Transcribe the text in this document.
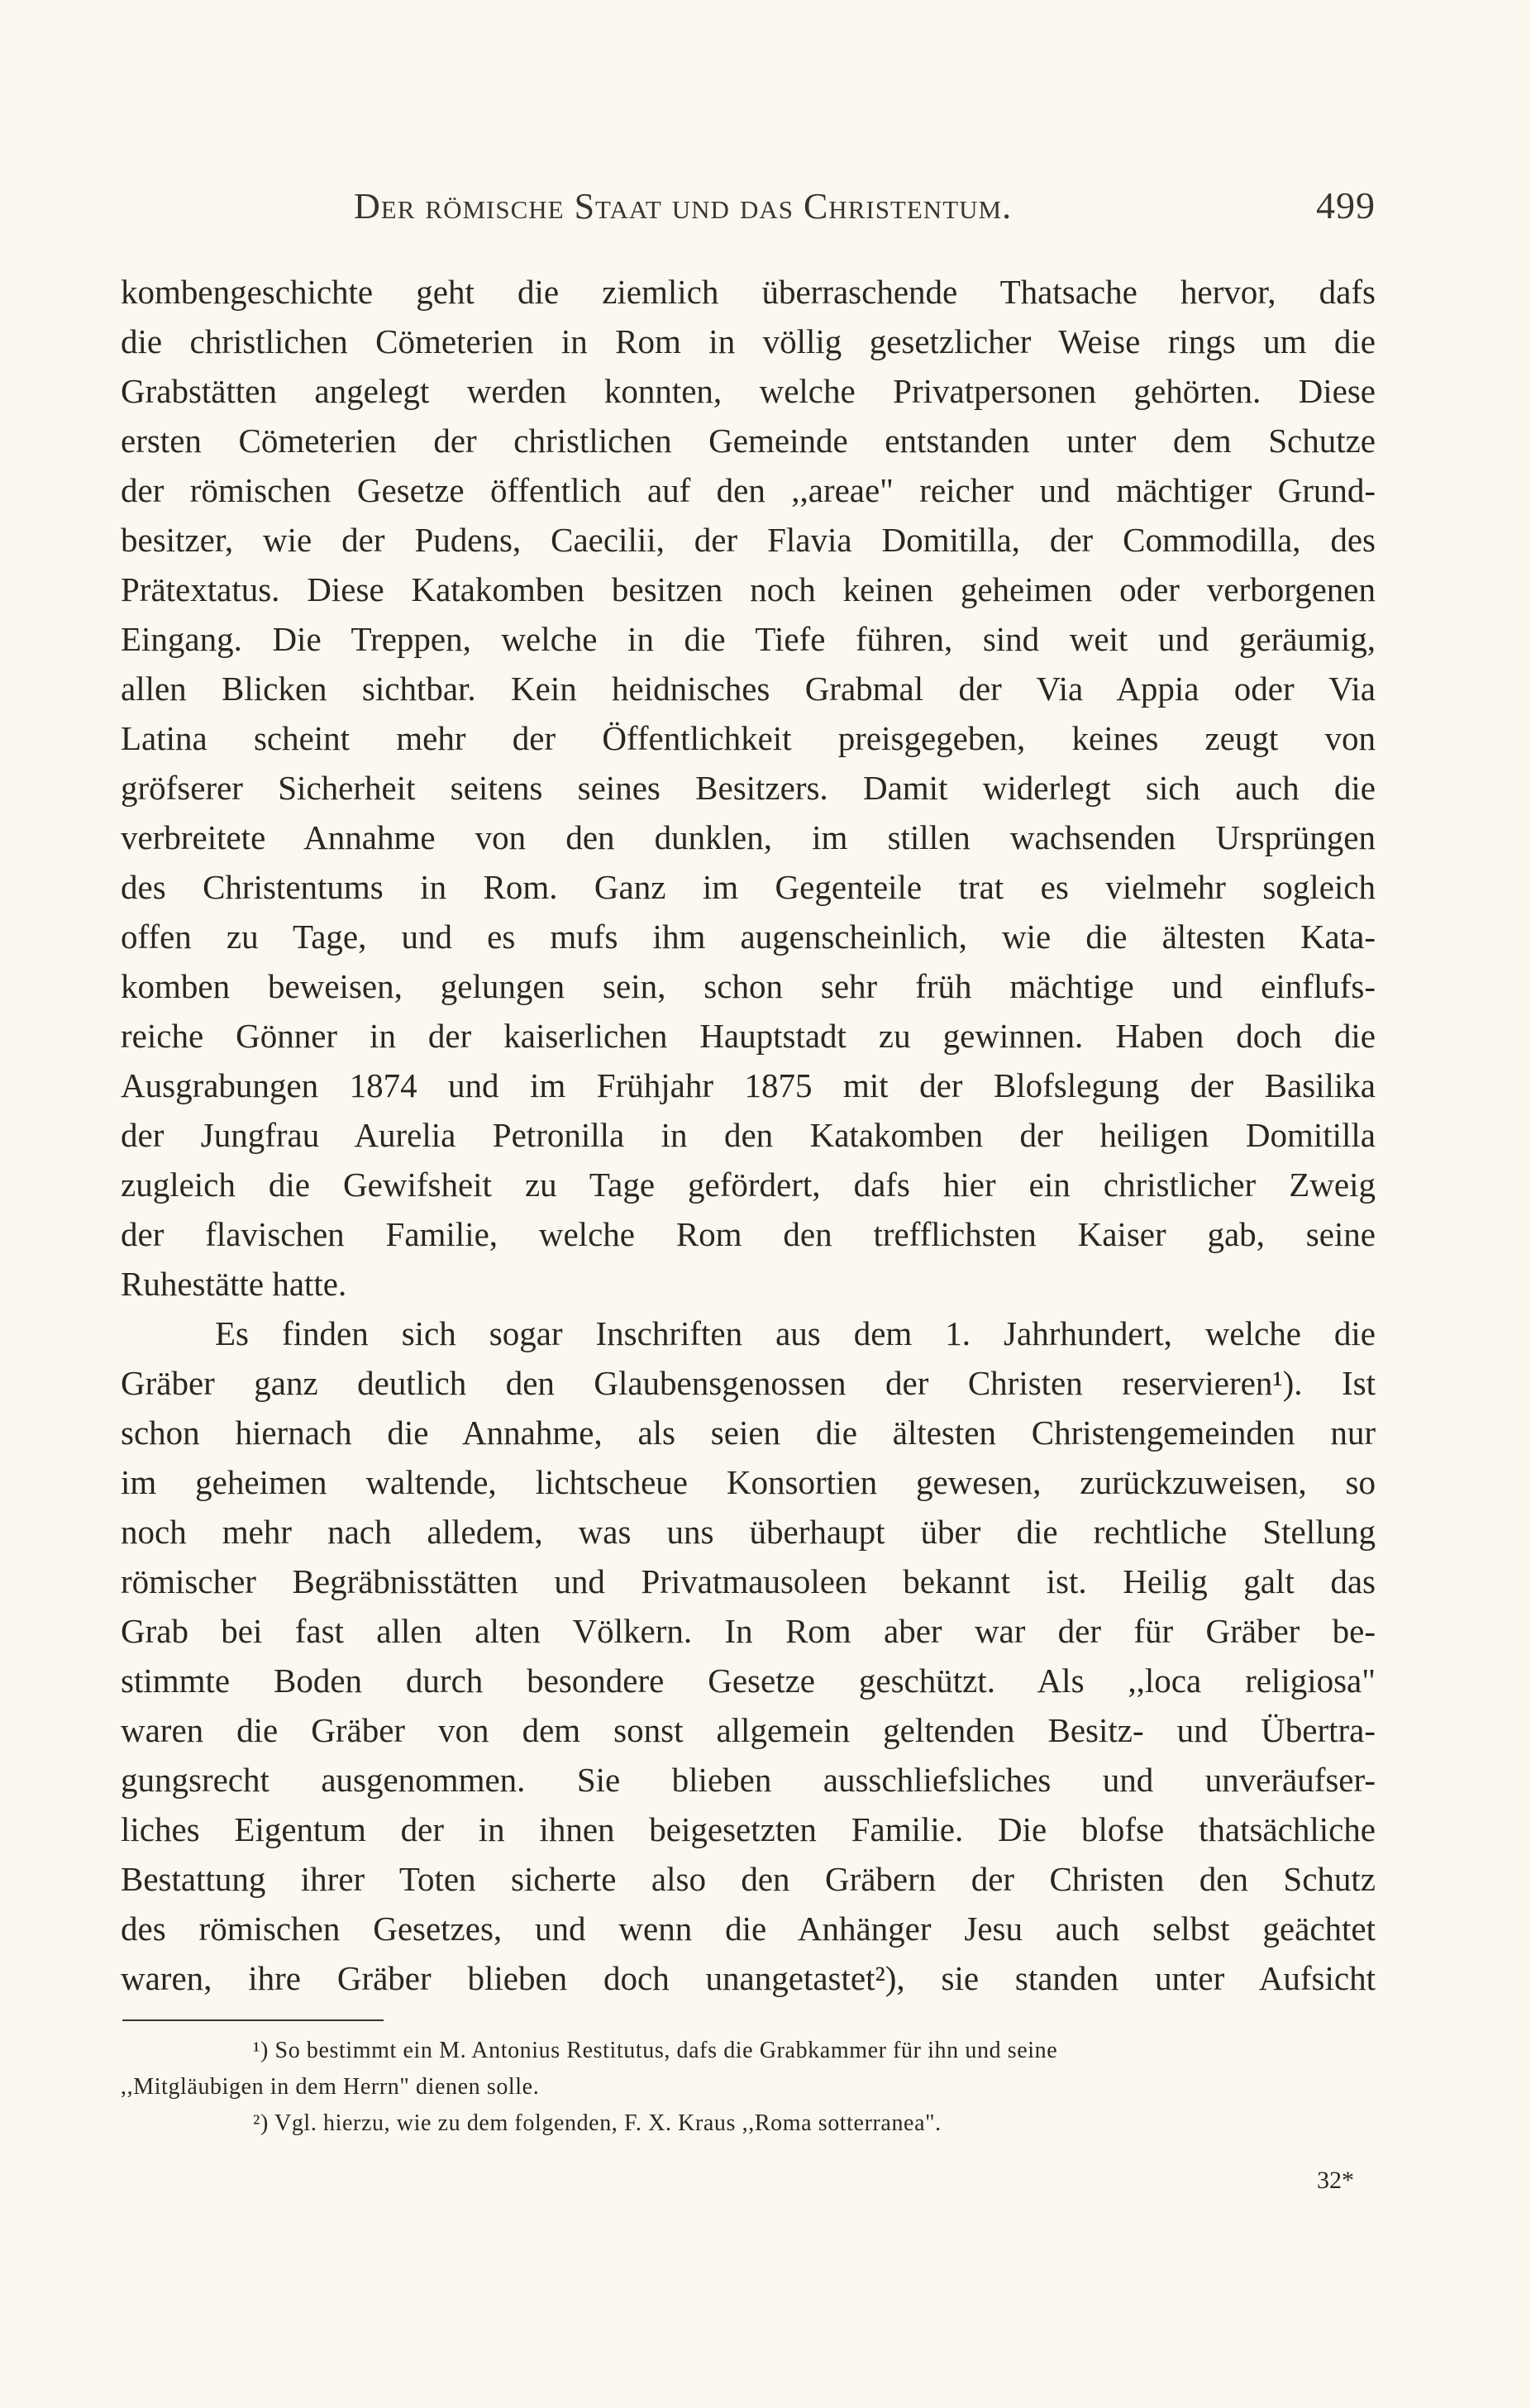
Der römische Staat und das Christentum.	499
kombengeschichte geht die ziemlich überraschende Thatsache hervor, dafs
die christlichen Cömeterien in Rom in völlig gesetzlicher Weise rings um die
Grabstätten angelegt werden konnten, welche Privatpersonen gehörten. Diese
ersten Cömeterien der christlichen Gemeinde entstanden unter dem Schutze
der römischen Gesetze öffentlich auf den ,,areae" reicher und mächtiger Grund-
besitzer, wie der Pudens, Caecilii, der Flavia Domitilla, der Commodilla, des
Prätextatus. Diese Katakomben besitzen noch keinen geheimen oder verborgenen
Eingang. Die Treppen, welche in die Tiefe führen, sind weit und geräumig,
allen Blicken sichtbar. Kein heidnisches Grabmal der Via Appia oder Via
Latina scheint mehr der Öffentlichkeit preisgegeben, keines zeugt von
gröfserer Sicherheit seitens seines Besitzers. Damit widerlegt sich auch die
verbreitete Annahme von den dunklen, im stillen wachsenden Ursprüngen
des Christentums in Rom. Ganz im Gegenteile trat es vielmehr sogleich
offen zu Tage, und es mufs ihm augenscheinlich, wie die ältesten Kata-
komben beweisen, gelungen sein, schon sehr früh mächtige und einflufs-
reiche Gönner in der kaiserlichen Hauptstadt zu gewinnen. Haben doch die
Ausgrabungen 1874 und im Frühjahr 1875 mit der Blofslegung der Basilika
der Jungfrau Aurelia Petronilla in den Katakomben der heiligen Domitilla
zugleich die Gewifsheit zu Tage gefördert, dafs hier ein christlicher Zweig
der flavischen Familie, welche Rom den trefflichsten Kaiser gab, seine
Ruhestätte hatte.
Es finden sich sogar Inschriften aus dem 1. Jahrhundert, welche die
Gräber ganz deutlich den Glaubensgenossen der Christen reservieren¹). Ist
schon hiernach die Annahme, als seien die ältesten Christengemeinden nur
im geheimen waltende, lichtscheue Konsortien gewesen, zurückzuweisen, so
noch mehr nach alledem, was uns überhaupt über die rechtliche Stellung
römischer Begräbnisstätten und Privatmausoleen bekannt ist. Heilig galt das
Grab bei fast allen alten Völkern. In Rom aber war der für Gräber be-
stimmte Boden durch besondere Gesetze geschützt. Als ,,loca religiosa"
waren die Gräber von dem sonst allgemein geltenden Besitz- und Übertra-
gungsrecht ausgenommen. Sie blieben ausschliefsliches und unveräufser-
liches Eigentum der in ihnen beigesetzten Familie. Die blofse thatsächliche
Bestattung ihrer Toten sicherte also den Gräbern der Christen den Schutz
des römischen Gesetzes, und wenn die Anhänger Jesu auch selbst geächtet
waren, ihre Gräber blieben doch unangetastet²), sie standen unter Aufsicht
¹) So bestimmt ein M. Antonius Restitutus, dafs die Grabkammer für ihn und seine
,,Mitgläubigen in dem Herrn" dienen solle.
²) Vgl. hierzu, wie zu dem folgenden, F. X. Kraus ,,Roma sotterranea".
32*
